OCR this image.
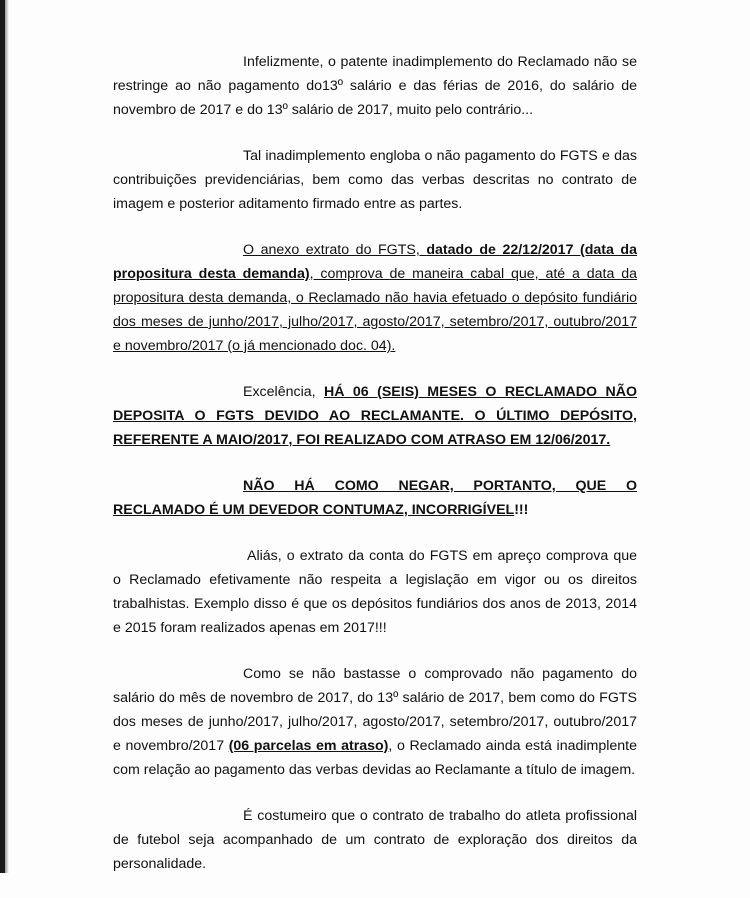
Infelizmente, o patente inadimplemento do Reclamado não se restringe ao não pagamento do13º salário e das férias de 2016, do salário de novembro de 2017 e do 13º salário de 2017, muito pelo contrário...

Tal inadimplemento engloba o não pagamento do FGTS e das contribuições previdenciárias, bem como das verbas descritas no contrato de imagem e posterior aditamento firmado entre as partes.

O anexo extrato do FGTS, datado de 22/12/2017 (data da propositura desta demanda), comprova de maneira cabal que, até a data da propositura desta demanda, o Reclamado não havia efetuado o depósito fundiário dos meses de junho/2017, julho/2017, agosto/2017, setembro/2017, outubro/2017 e novembro/2017 (o já mencionado doc. 04).

Excelência, HÁ 06 (SEIS) MESES O RECLAMADO NÃO DEPOSITA O FGTS DEVIDO AO RECLAMANTE. O ÚLTIMO DEPÓSITO, REFERENTE A MAIO/2017, FOI REALIZADO COM ATRASO EM 12/06/2017.

NÃO HÁ COMO NEGAR, PORTANTO, QUE O RECLAMADO É UM DEVEDOR CONTUMAZ, INCORRIGÍVEL!!!

Aliás, o extrato da conta do FGTS em apreço comprova que o Reclamado efetivamente não respeita a legislação em vigor ou os direitos trabalhistas. Exemplo disso é que os depósitos fundiários dos anos de 2013, 2014 e 2015 foram realizados apenas em 2017!!!

Como se não bastasse o comprovado não pagamento do salário do mês de novembro de 2017, do 13º salário de 2017, bem como do FGTS dos meses de junho/2017, julho/2017, agosto/2017, setembro/2017, outubro/2017 e novembro/2017 (06 parcelas em atraso), o Reclamado ainda está inadimplente com relação ao pagamento das verbas devidas ao Reclamante a título de imagem.

É costumeiro que o contrato de trabalho do atleta profissional de futebol seja acompanhado de um contrato de exploração dos direitos da personalidade.
